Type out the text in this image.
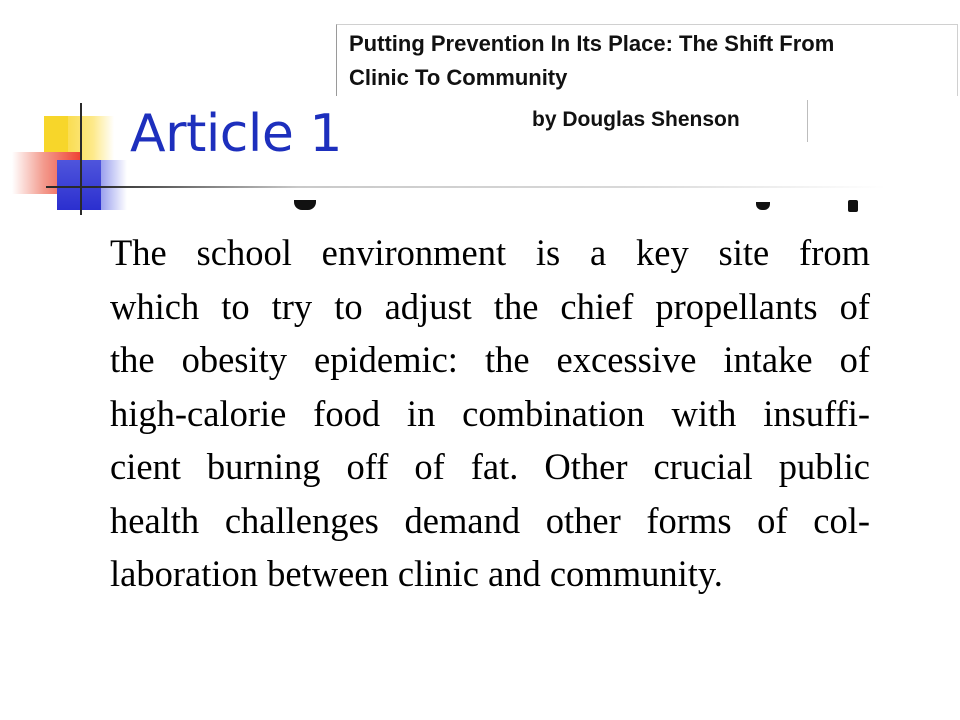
Article 1
Putting Prevention In Its Place: The Shift From
Clinic To Community
by Douglas Shenson
The school environment is a key site from
which to try to adjust the chief propellants of
the obesity epidemic: the excessive intake of
high-calorie food in combination with insuffi-
cient burning off of fat. Other crucial public
health challenges demand other forms of col-
laboration between clinic and community.
